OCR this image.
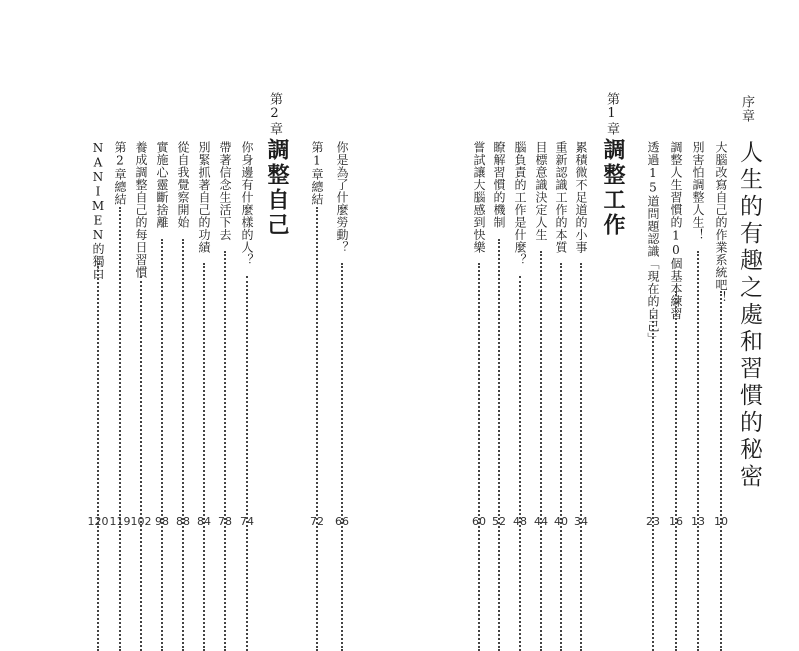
序章
人生的有趣之處和習慣的秘密
大腦改寫自己的作業系統吧！
10
別害怕調整人生！
13
調整人生習慣的10個基本練習
16
透過15道問題認識「現在的自己」
23
第1章
調整工作
累積微不足道的小事
34
重新認識工作的本質
40
目標意識決定人生
44
腦負責的工作是什麼？
48
瞭解習慣的機制
52
嘗試讓大腦感到快樂
60
你是為了什麼勞動？
66
第1章總結
72
第2章
調整自己
你身邊有什麼樣的人？
74
帶著信念生活下去
78
別緊抓著自己的功績
84
從自我覺察開始
88
實施心靈斷捨離
98
養成調整自己的每日習慣
102
第2章總結
119
NANIMEN的獨白
120
